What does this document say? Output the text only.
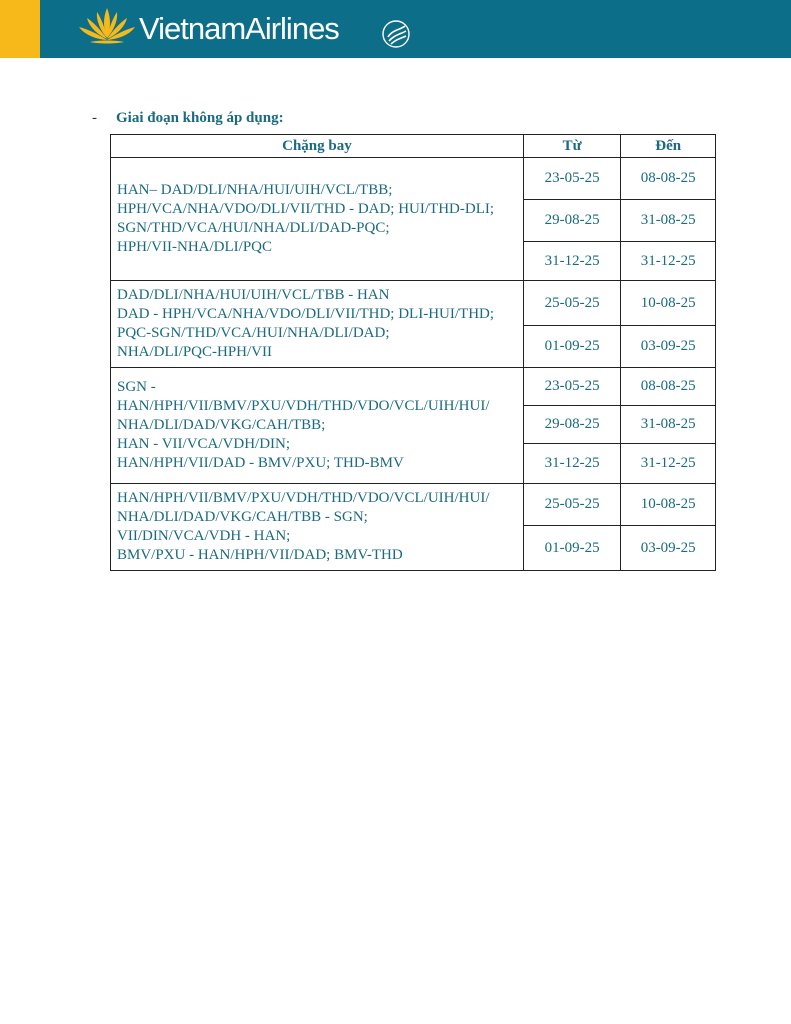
VietnamAirlines
- Giai đoạn không áp dụng:
Chặng bay	Từ	Đến

HAN– DAD/DLI/NHA/HUI/UIH/VCL/TBB;
HPH/VCA/NHA/VDO/DLI/VII/THD - DAD; HUI/THD-DLI;
SGN/THD/VCA/HUI/NHA/DLI/DAD-PQC;
HPH/VII-NHA/DLI/PQC	23-05-25	08-08-25
	29-08-25	31-08-25
	31-12-25	31-12-25

DAD/DLI/NHA/HUI/UIH/VCL/TBB - HAN
DAD - HPH/VCA/NHA/VDO/DLI/VII/THD; DLI-HUI/THD;
PQC-SGN/THD/VCA/HUI/NHA/DLI/DAD;
NHA/DLI/PQC-HPH/VII	25-05-25	10-08-25
	01-09-25	03-09-25

SGN -
HAN/HPH/VII/BMV/PXU/VDH/THD/VDO/VCL/UIH/HUI/
NHA/DLI/DAD/VKG/CAH/TBB;
HAN - VII/VCA/VDH/DIN;
HAN/HPH/VII/DAD - BMV/PXU; THD-BMV	23-05-25	08-08-25
	29-08-25	31-08-25
	31-12-25	31-12-25

HAN/HPH/VII/BMV/PXU/VDH/THD/VDO/VCL/UIH/HUI/
NHA/DLI/DAD/VKG/CAH/TBB - SGN;
VII/DIN/VCA/VDH - HAN;
BMV/PXU - HAN/HPH/VII/DAD; BMV-THD	25-05-25	10-08-25
	01-09-25	03-09-25
